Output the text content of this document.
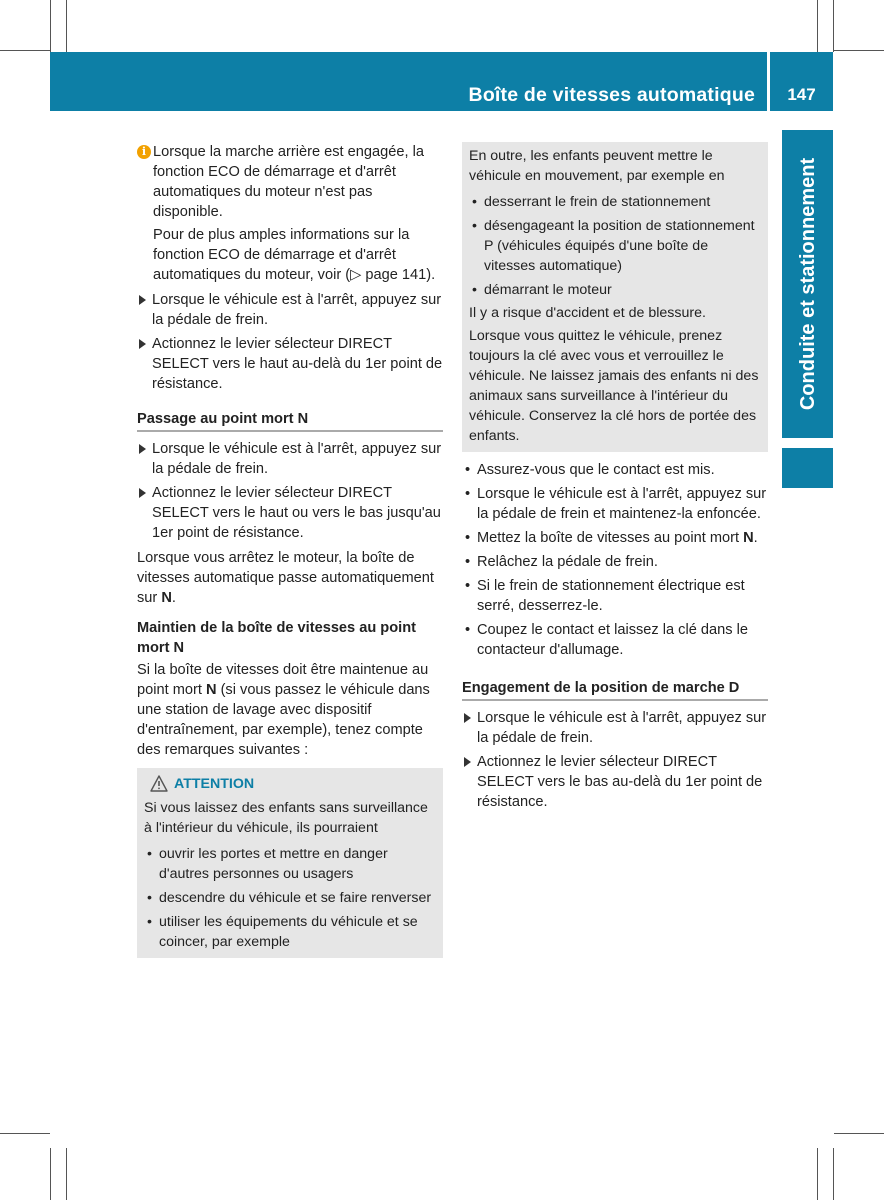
Boîte de vitesses automatique	147
Conduite et stationnement
i Lorsque la marche arrière est engagée, la fonction ECO de démarrage et d'arrêt automatiques du moteur n'est pas disponible.

Pour de plus amples informations sur la fonction ECO de démarrage et d'arrêt automatiques du moteur, voir (▷ page 141).

Lorsque le véhicule est à l'arrêt, appuyez sur la pédale de frein.
Actionnez le levier sélecteur DIRECT SELECT vers le haut au-delà du 1er point de résistance.
Passage au point mort N
Lorsque le véhicule est à l'arrêt, appuyez sur la pédale de frein.
Actionnez le levier sélecteur DIRECT SELECT vers le haut ou vers le bas jusqu'au 1er point de résistance.

Lorsque vous arrêtez le moteur, la boîte de vitesses automatique passe automatiquement sur N.

Maintien de la boîte de vitesses au point mort N

Si la boîte de vitesses doit être maintenue au point mort N (si vous passez le véhicule dans une station de lavage avec dispositif d'entraînement, par exemple), tenez compte des remarques suivantes :

ATTENTION

Si vous laissez des enfants sans surveillance à l'intérieur du véhicule, ils pourraient

• ouvrir les portes et mettre en danger d'autres personnes ou usagers
• descendre du véhicule et se faire renverser
• utiliser les équipements du véhicule et se coincer, par exemple

En outre, les enfants peuvent mettre le véhicule en mouvement, par exemple en

• desserrant le frein de stationnement
• désengageant la position de stationnement P (véhicules équipés d'une boîte de vitesses automatique)
• démarrant le moteur

Il y a risque d'accident et de blessure.

Lorsque vous quittez le véhicule, prenez toujours la clé avec vous et verrouillez le véhicule. Ne laissez jamais des enfants ni des animaux sans surveillance à l'intérieur du véhicule. Conservez la clé hors de portée des enfants.

• Assurez-vous que le contact est mis.
• Lorsque le véhicule est à l'arrêt, appuyez sur la pédale de frein et maintenez-la enfoncée.
• Mettez la boîte de vitesses au point mort N.
• Relâchez la pédale de frein.
• Si le frein de stationnement électrique est serré, desserrez-le.
• Coupez le contact et laissez la clé dans le contacteur d'allumage.
Engagement de la position de marche D
Lorsque le véhicule est à l'arrêt, appuyez sur la pédale de frein.
Actionnez le levier sélecteur DIRECT SELECT vers le bas au-delà du 1er point de résistance.
